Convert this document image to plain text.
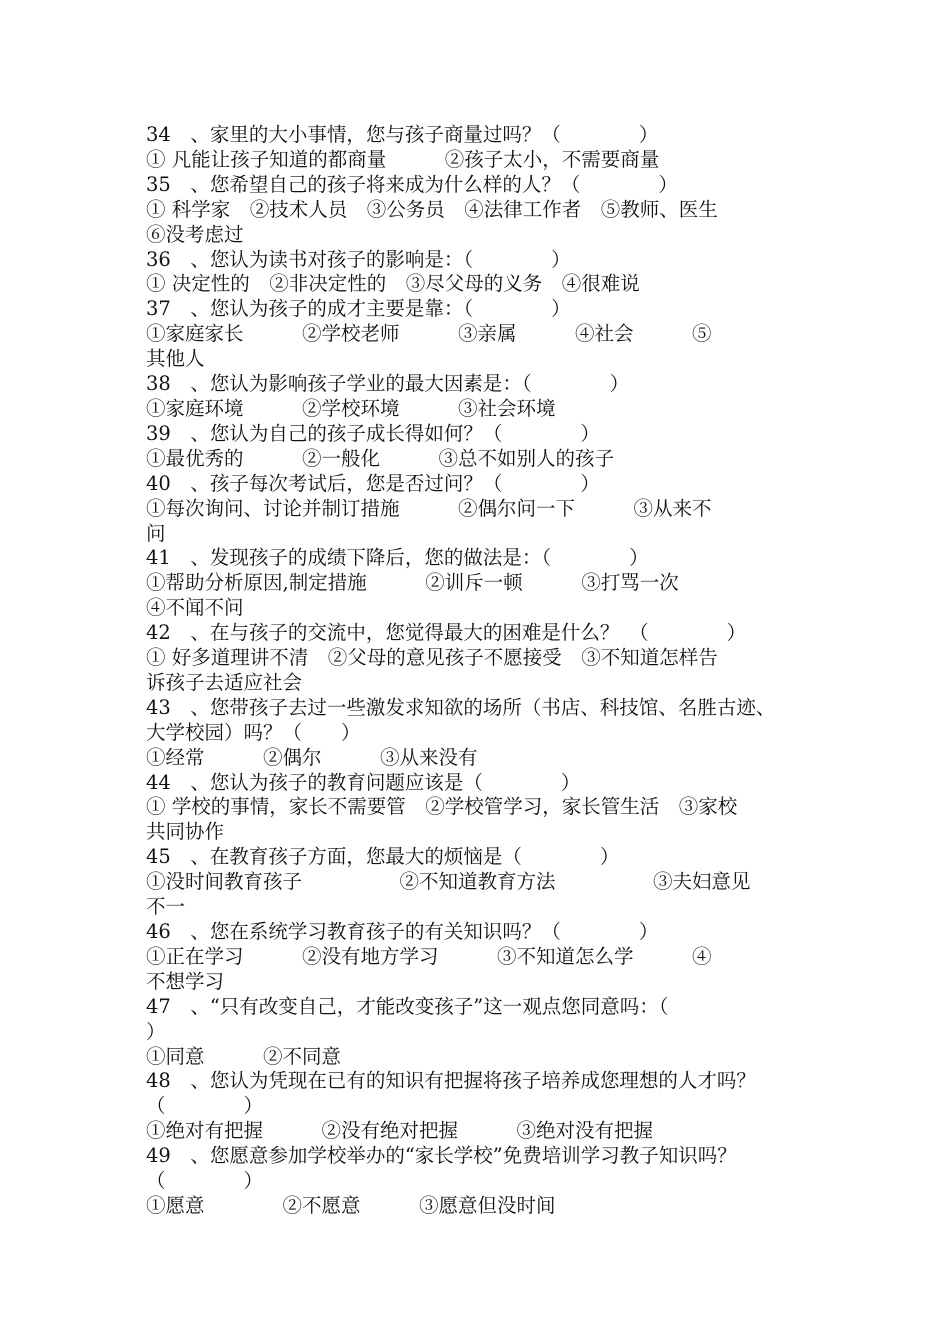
34　、家里的大小事情，您与孩子商量过吗？（　　　　）
① 凡能让孩子知道的都商量　　　②孩子太小，不需要商量
35　、您希望自己的孩子将来成为什么样的人？（　　　　）
① 科学家　②技术人员　③公务员　④法律工作者　⑤教师、医生
⑥没考虑过
36　、您认为读书对孩子的影响是：（　　　　）
① 决定性的　②非决定性的　③尽父母的义务　④很难说
37　、您认为孩子的成才主要是靠：（　　　　）
①家庭家长　　　②学校老师　　　③亲属　　　④社会　　　⑤
其他人
38　、您认为影响孩子学业的最大因素是：（　　　　）
①家庭环境　　　②学校环境　　　③社会环境
39　、您认为自己的孩子成长得如何？（　　　　）
①最优秀的　　　②一般化　　　③总不如别人的孩子
40　、孩子每次考试后，您是否过问？（　　　　）
①每次询问、讨论并制订措施　　　②偶尔问一下　　　③从来不
问
41　、发现孩子的成绩下降后，您的做法是：（　　　　）
①帮助分析原因,制定措施　　　②训斥一顿　　　③打骂一次
④不闻不问
42　、在与孩子的交流中，您觉得最大的困难是什么？　（　　　　）
① 好多道理讲不清　②父母的意见孩子不愿接受　③不知道怎样告
诉孩子去适应社会
43　、您带孩子去过一些激发求知欲的场所（书店、科技馆、名胜古迹、
大学校园）吗？（　　）
①经常　　　②偶尔　　　③从来没有
44　、您认为孩子的教育问题应该是（　　　　）
① 学校的事情，家长不需要管　②学校管学习，家长管生活　③家校
共同协作
45　、在教育孩子方面，您最大的烦恼是（　　　　）
①没时间教育孩子　　　　　②不知道教育方法　　　　　③夫妇意见
不一
46　、您在系统学习教育孩子的有关知识吗？（　　　　）
①正在学习　　　②没有地方学习　　　③不知道怎么学　　　④
不想学习
47　、“只有改变自己，才能改变孩子”这一观点您同意吗：（
）
①同意　　　②不同意
48　、您认为凭现在已有的知识有把握将孩子培养成您理想的人才吗？
（　　　　）
①绝对有把握　　　②没有绝对把握　　　③绝对没有把握
49　、您愿意参加学校举办的“家长学校”免费培训学习教子知识吗？
（　　　　）
①愿意　　　　②不愿意　　　③愿意但没时间
